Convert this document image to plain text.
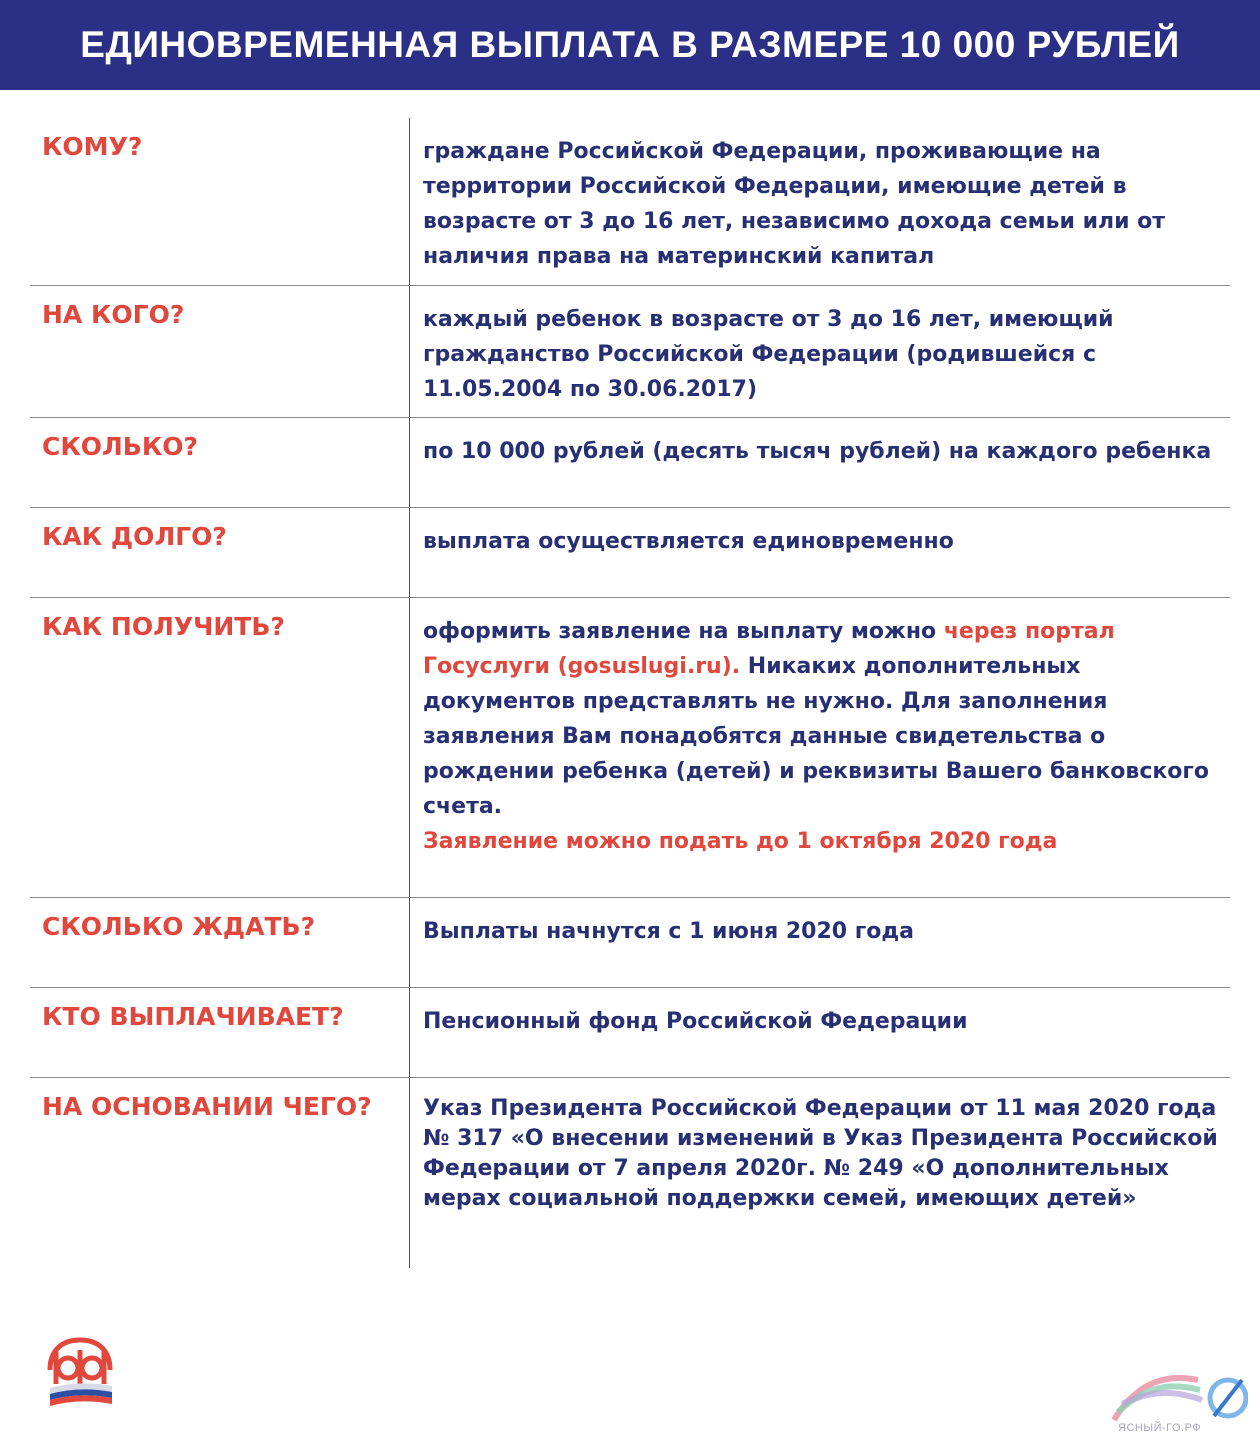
ЕДИНОВРЕМЕННАЯ ВЫПЛАТА В РАЗМЕРЕ 10 000 РУБЛЕЙ
КОМУ?	граждане Российской Федерации, проживающие на территории Российской Федерации, имеющие детей в возрасте от 3 до 16 лет, независимо дохода семьи или от наличия права на материнский капитал
НА КОГО?	каждый ребенок в возрасте от 3 до 16 лет, имеющий гражданство Российской Федерации (родившейся с 11.05.2004 по 30.06.2017)
СКОЛЬКО?	по 10 000 рублей (десять тысяч рублей) на каждого ребенка
КАК ДОЛГО?	выплата осуществляется единовременно
КАК ПОЛУЧИТЬ?	оформить заявление на выплату можно через портал Госуслуги (gosuslugi.ru). Никаких дополнительных документов представлять не нужно. Для заполнения заявления Вам понадобятся данные свидетельства о рождении ребенка (детей) и реквизиты Вашего банковского счета.
Заявление можно подать до 1 октября 2020 года
СКОЛЬКО ЖДАТЬ?	Выплаты начнутся с 1 июня 2020 года
КТО ВЫПЛАЧИВАЕТ?	Пенсионный фонд Российской Федерации
НА ОСНОВАНИИ ЧЕГО?	Указ Президента Российской Федерации от 11 мая 2020 года № 317 «О внесении изменений в Указ Президента Российской Федерации от 7 апреля 2020г. № 249 «О дополнительных мерах социальной поддержки семей, имеющих детей»
ЯСНЫЙ-ГО.РФ
